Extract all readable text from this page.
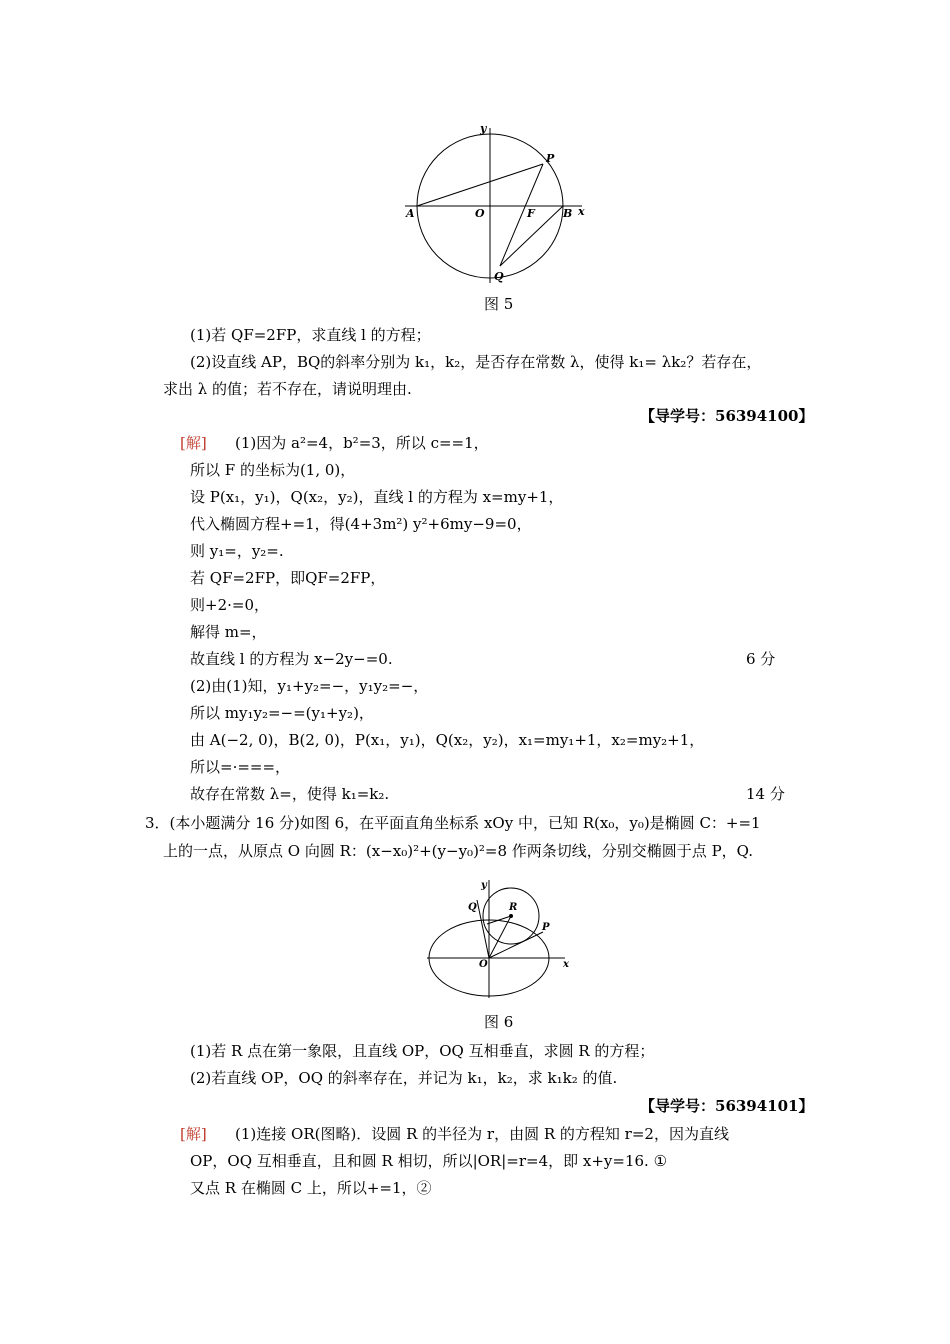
y
x
P
A	O	F	B
Q
图 5
(1)若 QF=2FP，求直线 l 的方程；
(2)设直线 AP，BQ的斜率分别为 k₁，k₂，是否存在常数 λ，使得 k₁= λk₂？若存在，
求出 λ 的值；若不存在，请说明理由.
【导学号：56394100】
[解] (1)因为 a²=4，b²=3，所以 c==1，
所以 F 的坐标为(1, 0)，
设 P(x₁，y₁)，Q(x₂，y₂)，直线 l 的方程为 x=my+1，
代入椭圆方程+=1，得(4+3m²) y²+6my−9=0，
则 y₁=，y₂=.
若 QF=2FP，即QF=2FP，
则+2·=0，
解得 m=，
故直线 l 的方程为 x−2y−=0.	6 分
(2)由(1)知，y₁+y₂=−，y₁y₂=−，
所以 my₁y₂=−=(y₁+y₂)，
由 A(−2, 0)，B(2, 0)，P(x₁，y₁)，Q(x₂，y₂)，x₁=my₁+1，x₂=my₂+1，
所以=·===，
故存在常数 λ=，使得 k₁=k₂.	14 分
3．(本小题满分 16 分)如图 6，在平面直角坐标系 xOy 中，已知 R(x₀，y₀)是椭圆 C：+=1
上的一点，从原点 O 向圆 R：(x−x₀)²+(y−y₀)²=8 作两条切线，分别交椭圆于点 P，Q.
y
Q	R
P
O	x
图 6
(1)若 R 点在第一象限，且直线 OP，OQ 互相垂直，求圆 R 的方程；
(2)若直线 OP，OQ 的斜率存在，并记为 k₁，k₂，求 k₁k₂ 的值.
【导学号：56394101】
[解] (1)连接 OR(图略)．设圆 R 的半径为 r，由圆 R 的方程知 r=2，因为直线
OP，OQ 互相垂直，且和圆 R 相切，所以|OR|=r=4，即 x+y=16. ①
又点 R 在椭圆 C 上，所以+=1，②
